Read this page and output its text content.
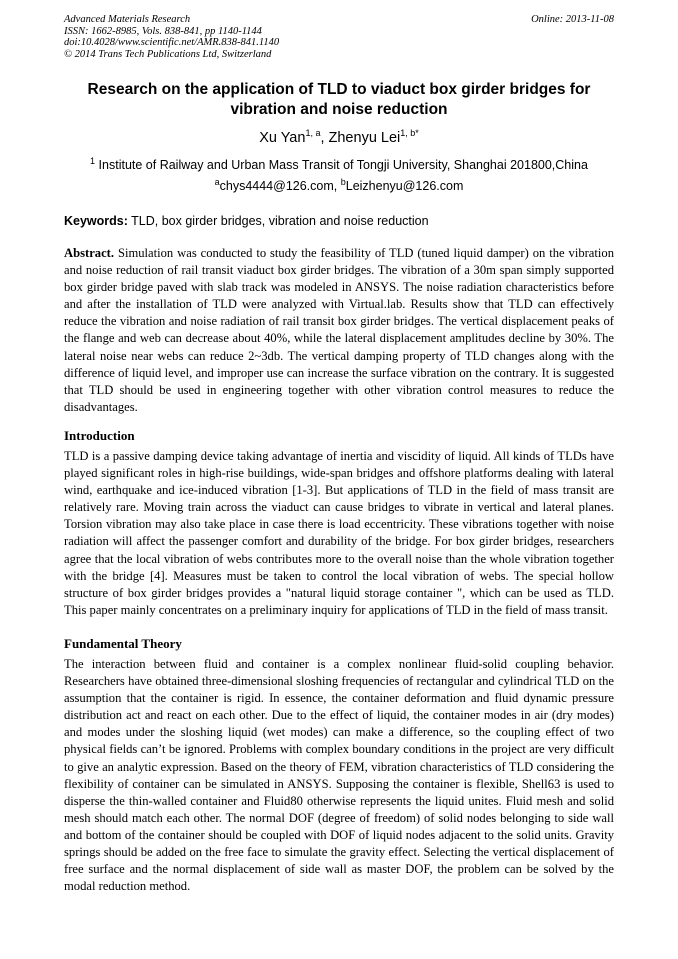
Advanced Materials Research
ISSN: 1662-8985, Vols. 838-841, pp 1140-1144
doi:10.4028/www.scientific.net/AMR.838-841.1140
© 2014 Trans Tech Publications Ltd, Switzerland
Online: 2013-11-08
Research on the application of TLD to viaduct box girder bridges for vibration and noise reduction
Xu Yan$^{1, a}$, Zhenyu Lei$^{1, b*}$
$^1$ Institute of Railway and Urban Mass Transit of Tongji University, Shanghai 201800,China
$^a$chys4444@126.com, $^b$Leizhenyu@126.com
Keywords: TLD, box girder bridges, vibration and noise reduction
Abstract. Simulation was conducted to study the feasibility of TLD (tuned liquid damper) on the vibration and noise reduction of rail transit viaduct box girder bridges. The vibration of a 30m span simply supported box girder bridge paved with slab track was modeled in ANSYS. The noise radiation characteristics before and after the installation of TLD were analyzed with Virtual.lab. Results show that TLD can effectively reduce the vibration and noise radiation of rail transit box girder bridges. The vertical displacement peaks of the flange and web can decrease about 40%, while the lateral displacement amplitudes decline by 30%. The lateral noise near webs can reduce 2~3db. The vertical damping property of TLD changes along with the difference of liquid level, and improper use can increase the surface vibration on the contrary. It is suggested that TLD should be used in engineering together with other vibration control measures to reduce the disadvantages.
Introduction
TLD is a passive damping device taking advantage of inertia and viscidity of liquid. All kinds of TLDs have played significant roles in high-rise buildings, wide-span bridges and offshore platforms dealing with lateral wind, earthquake and ice-induced vibration [1-3]. But applications of TLD in the field of mass transit are relatively rare. Moving train across the viaduct can cause bridges to vibrate in vertical and lateral planes. Torsion vibration may also take place in case there is load eccentricity. These vibrations together with noise radiation will affect the passenger comfort and durability of the bridge. For box girder bridges, researchers agree that the local vibration of webs contributes more to the overall noise than the whole vibration together with the bridge [4]. Measures must be taken to control the local vibration of webs. The special hollow structure of box girder bridges provides a "natural liquid storage container ", which can be used as TLD. This paper mainly concentrates on a preliminary inquiry for applications of TLD in the field of mass transit.
Fundamental Theory
The interaction between fluid and container is a complex nonlinear fluid-solid coupling behavior. Researchers have obtained three-dimensional sloshing frequencies of rectangular and cylindrical TLD on the assumption that the container is rigid. In essence, the container deformation and fluid dynamic pressure distribution act and react on each other. Due to the effect of liquid, the container modes in air (dry modes) and modes under the sloshing liquid (wet modes) can make a difference, so the coupling effect of two physical fields can’t be ignored. Problems with complex boundary conditions in the project are very difficult to give an analytic expression. Based on the theory of FEM, vibration characteristics of TLD considering the flexibility of container can be simulated in ANSYS. Supposing the container is flexible, Shell63 is used to disperse the thin-walled container and Fluid80 otherwise represents the liquid unites. Fluid mesh and solid mesh should match each other. The normal DOF (degree of freedom) of solid nodes belonging to side wall and bottom of the container should be coupled with DOF of liquid nodes adjacent to the solid units. Gravity springs should be added on the free face to simulate the gravity effect. Selecting the vertical displacement of free surface and the normal displacement of side wall as master DOF, the problem can be solved by the modal reduction method.
